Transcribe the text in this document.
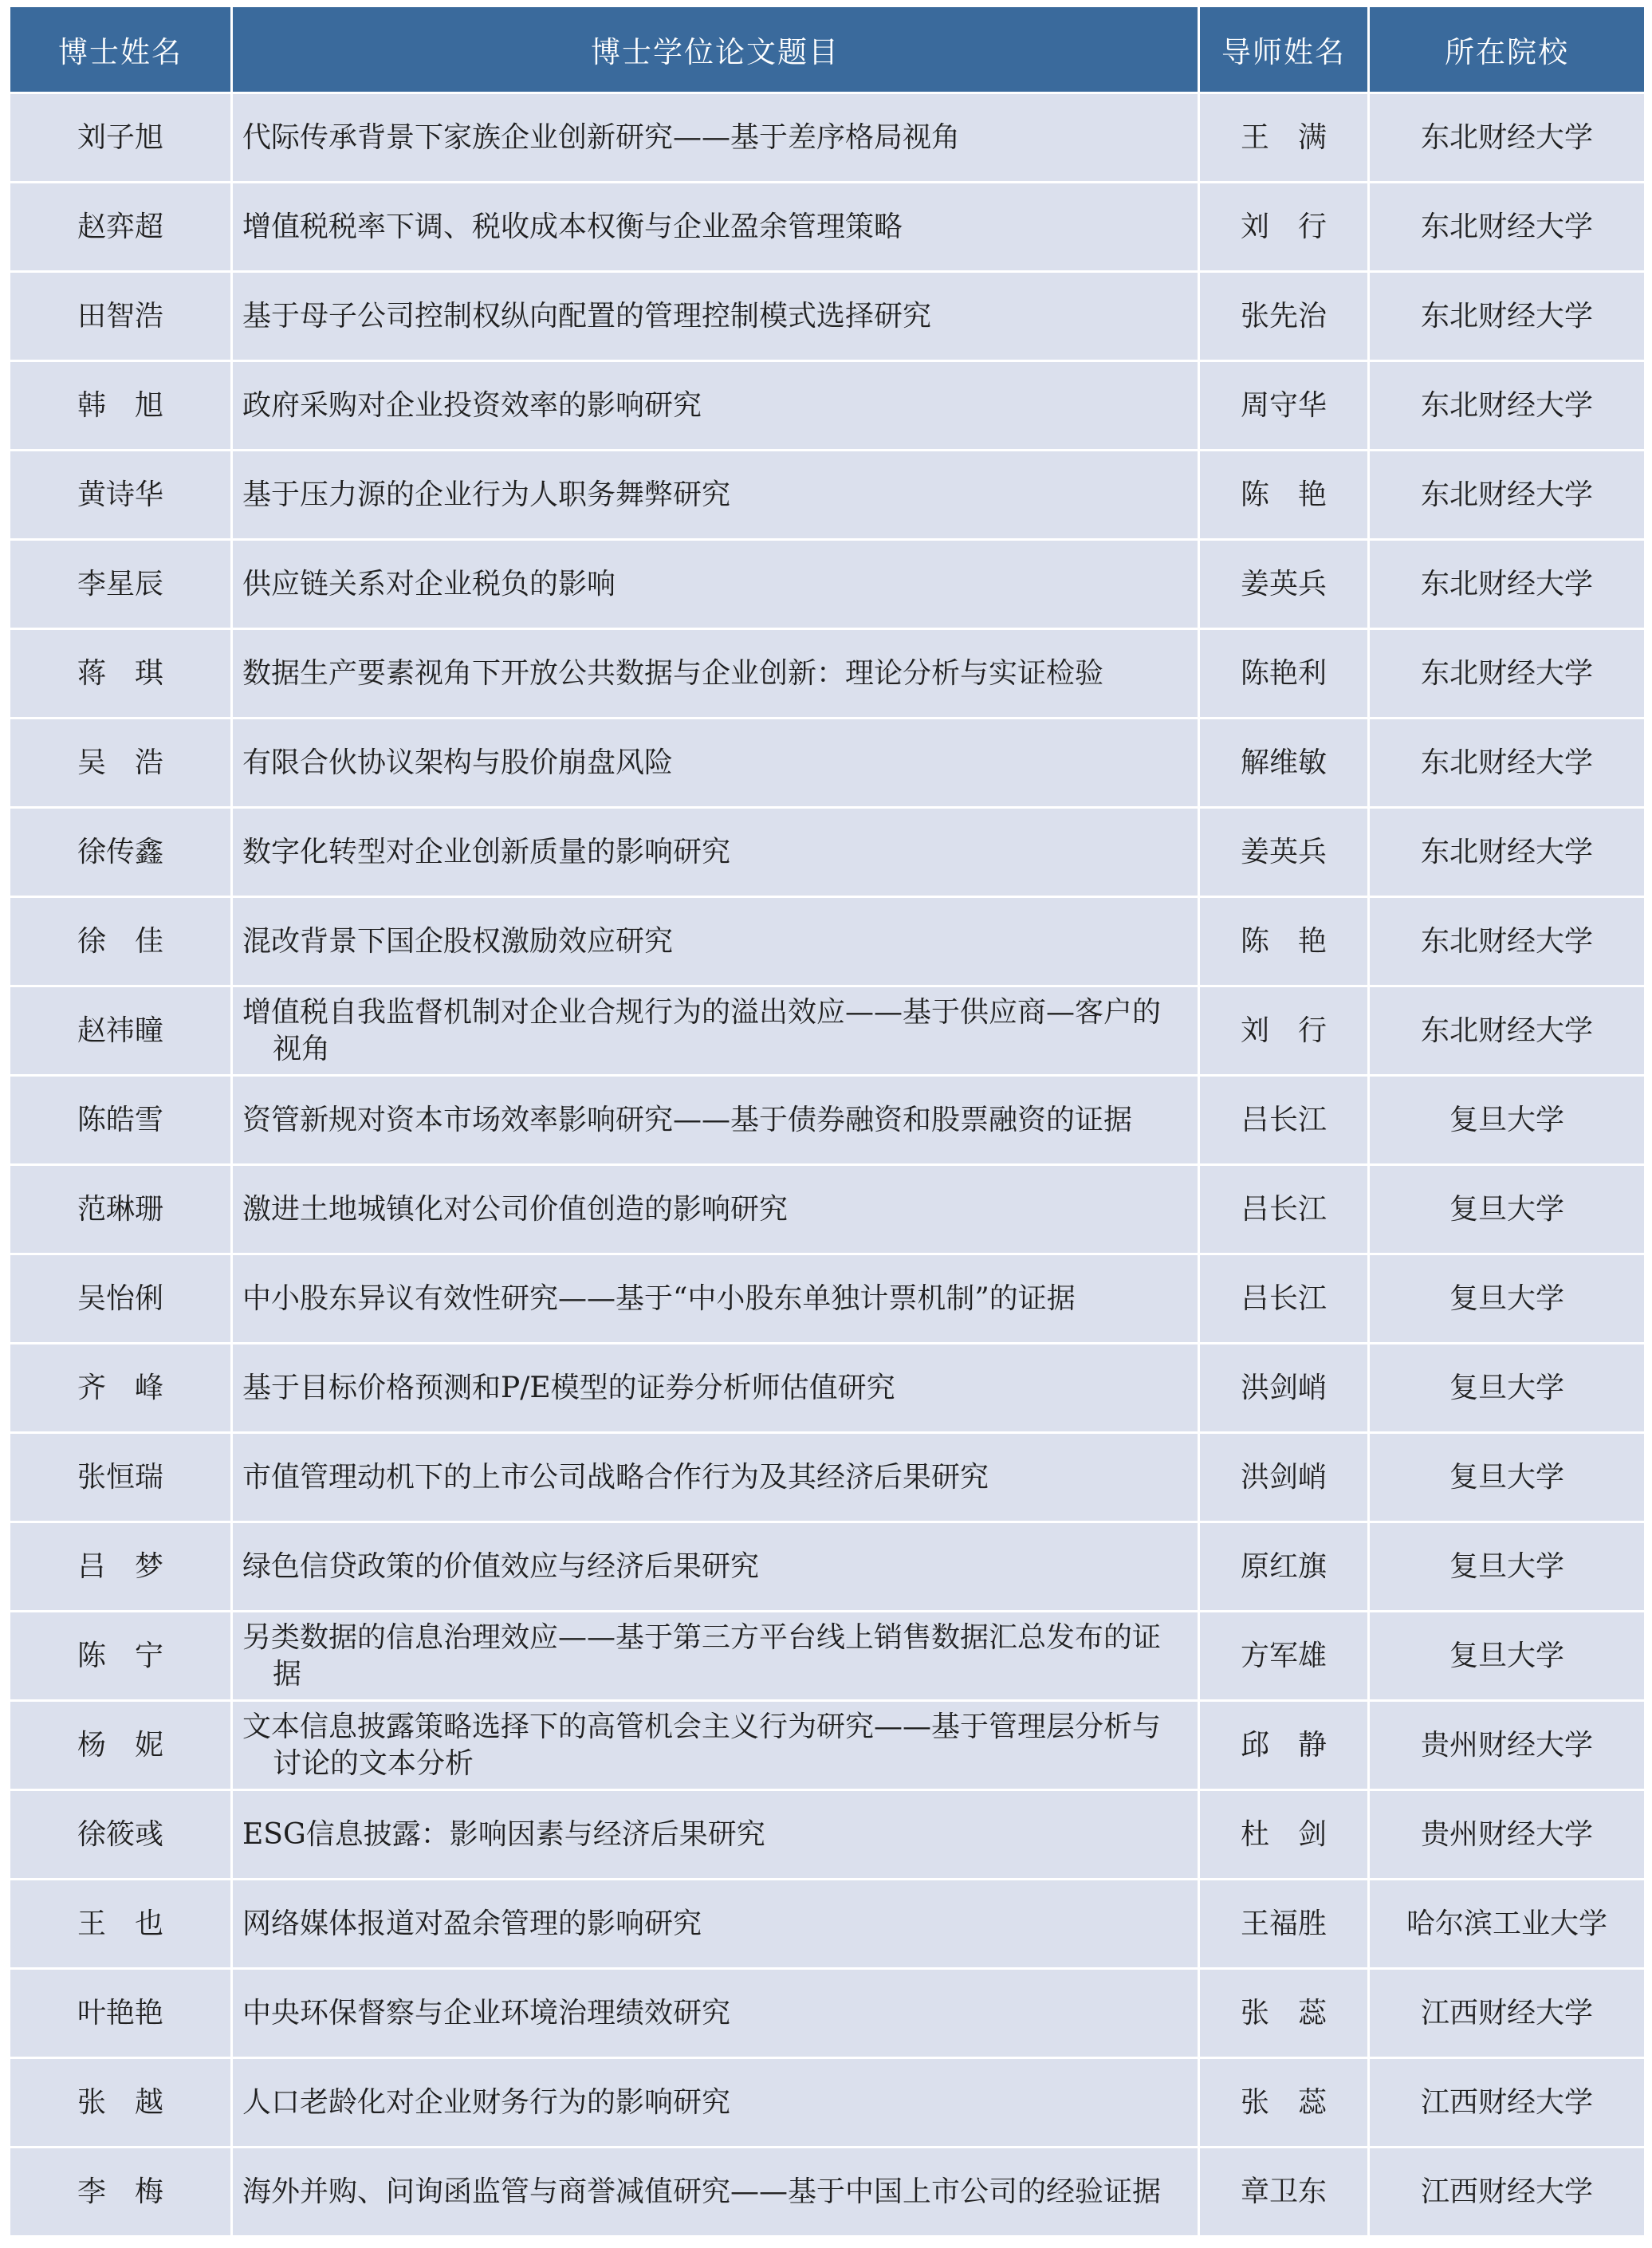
博士姓名	博士学位论文题目	导师姓名	所在院校
刘子旭	代际传承背景下家族企业创新研究——基于差序格局视角	王　满	东北财经大学
赵弈超	增值税税率下调、税收成本权衡与企业盈余管理策略	刘　行	东北财经大学
田智浩	基于母子公司控制权纵向配置的管理控制模式选择研究	张先治	东北财经大学
韩　旭	政府采购对企业投资效率的影响研究	周守华	东北财经大学
黄诗华	基于压力源的企业行为人职务舞弊研究	陈　艳	东北财经大学
李星辰	供应链关系对企业税负的影响	姜英兵	东北财经大学
蒋　琪	数据生产要素视角下开放公共数据与企业创新：理论分析与实证检验	陈艳利	东北财经大学
吴　浩	有限合伙协议架构与股价崩盘风险	解维敏	东北财经大学
徐传鑫	数字化转型对企业创新质量的影响研究	姜英兵	东北财经大学
徐　佳	混改背景下国企股权激励效应研究	陈　艳	东北财经大学
赵祎瞳	增值税自我监督机制对企业合规行为的溢出效应——基于供应商—客户的视角	刘　行	东北财经大学
陈皓雪	资管新规对资本市场效率影响研究——基于债券融资和股票融资的证据	吕长江	复旦大学
范琳珊	激进土地城镇化对公司价值创造的影响研究	吕长江	复旦大学
吴怡俐	中小股东异议有效性研究——基于“中小股东单独计票机制”的证据	吕长江	复旦大学
齐　峰	基于目标价格预测和P/E模型的证券分析师估值研究	洪剑峭	复旦大学
张恒瑞	市值管理动机下的上市公司战略合作行为及其经济后果研究	洪剑峭	复旦大学
吕　梦	绿色信贷政策的价值效应与经济后果研究	原红旗	复旦大学
陈　宁	另类数据的信息治理效应——基于第三方平台线上销售数据汇总发布的证据	方军雄	复旦大学
杨　妮	文本信息披露策略选择下的高管机会主义行为研究——基于管理层分析与讨论的文本分析	邱　静	贵州财经大学
徐筱彧	ESG信息披露：影响因素与经济后果研究	杜　剑	贵州财经大学
王　也	网络媒体报道对盈余管理的影响研究	王福胜	哈尔滨工业大学
叶艳艳	中央环保督察与企业环境治理绩效研究	张　蕊	江西财经大学
张　越	人口老龄化对企业财务行为的影响研究	张　蕊	江西财经大学
李　梅	海外并购、问询函监管与商誉减值研究——基于中国上市公司的经验证据	章卫东	江西财经大学
